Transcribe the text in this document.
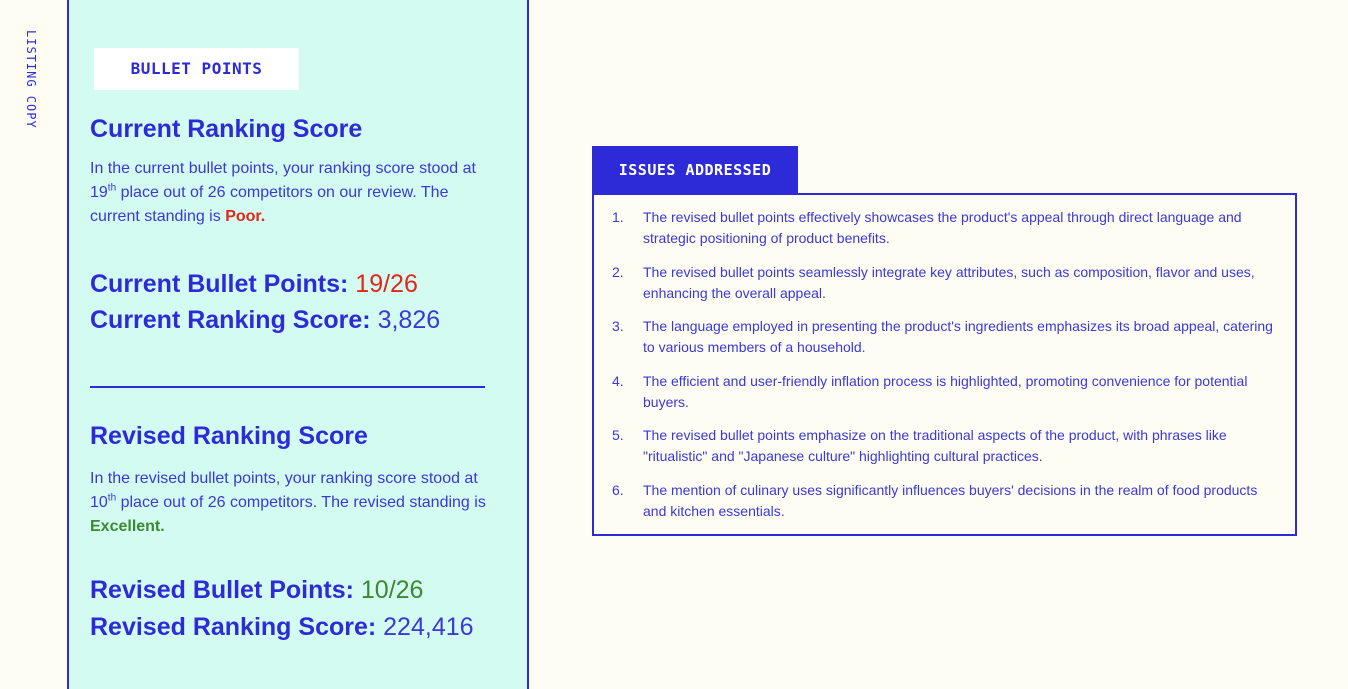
LISTING COPY	BULLET POINTS
Current Ranking Score
In the current bullet points, your ranking score stood at 19th place out of 26 competitors on our review. The current standing is Poor.
Current Bullet Points: 19/26
Current Ranking Score: 3,826
Revised Ranking Score
In the revised bullet points, your ranking score stood at 10th place out of 26 competitors. The revised standing is Excellent.
Revised Bullet Points: 10/26
Revised Ranking Score: 224,416
ISSUES ADDRESSED
1. The revised bullet points effectively showcases the product's appeal through direct language and strategic positioning of product benefits.
2. The revised bullet points seamlessly integrate key attributes, such as composition, flavor and uses, enhancing the overall appeal.
3. The language employed in presenting the product's ingredients emphasizes its broad appeal, catering to various members of a household.
4. The efficient and user-friendly inflation process is highlighted, promoting convenience for potential buyers.
5. The revised bullet points emphasize on the traditional aspects of the product, with phrases like "ritualistic" and "Japanese culture" highlighting cultural practices.
6. The mention of culinary uses significantly influences buyers' decisions in the realm of food products and kitchen essentials.
